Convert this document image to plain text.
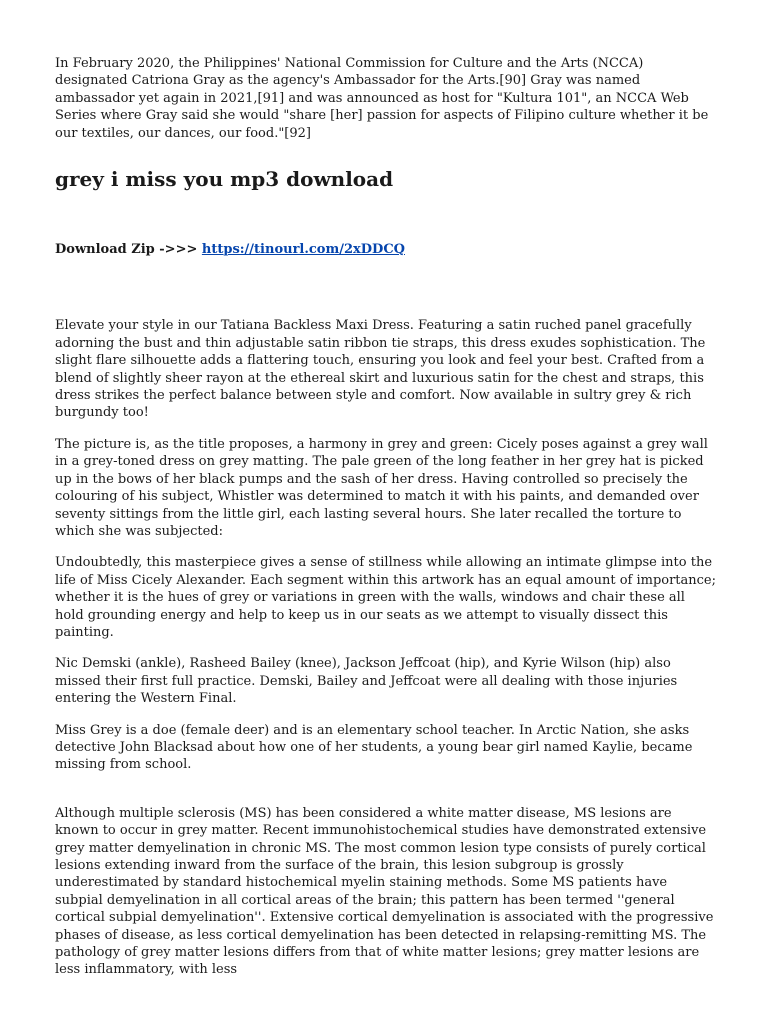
In February 2020, the Philippines' National Commission for Culture and the Arts (NCCA) designated Catriona Gray as the agency's Ambassador for the Arts.[90] Gray was named ambassador yet again in 2021,[91] and was announced as host for "Kultura 101", an NCCA Web Series where Gray said she would "share [her] passion for aspects of Filipino culture whether it be our textiles, our dances, our food."[92]

grey i miss you mp3 download

Download Zip ->>> https://tinourl.com/2xDDCQ

Elevate your style in our Tatiana Backless Maxi Dress. Featuring a satin ruched panel gracefully adorning the bust and thin adjustable satin ribbon tie straps, this dress exudes sophistication. The slight flare silhouette adds a flattering touch, ensuring you look and feel your best. Crafted from a blend of slightly sheer rayon at the ethereal skirt and luxurious satin for the chest and straps, this dress strikes the perfect balance between style and comfort. Now available in sultry grey & rich burgundy too!

The picture is, as the title proposes, a harmony in grey and green: Cicely poses against a grey wall in a grey-toned dress on grey matting. The pale green of the long feather in her grey hat is picked up in the bows of her black pumps and the sash of her dress. Having controlled so precisely the colouring of his subject, Whistler was determined to match it with his paints, and demanded over seventy sittings from the little girl, each lasting several hours. She later recalled the torture to which she was subjected:

Undoubtedly, this masterpiece gives a sense of stillness while allowing an intimate glimpse into the life of Miss Cicely Alexander. Each segment within this artwork has an equal amount of importance; whether it is the hues of grey or variations in green with the walls, windows and chair these all hold grounding energy and help to keep us in our seats as we attempt to visually dissect this painting.

Nic Demski (ankle), Rasheed Bailey (knee), Jackson Jeffcoat (hip), and Kyrie Wilson (hip) also missed their first full practice. Demski, Bailey and Jeffcoat were all dealing with those injuries entering the Western Final.

Miss Grey is a doe (female deer) and is an elementary school teacher. In Arctic Nation, she asks detective John Blacksad about how one of her students, a young bear girl named Kaylie, became missing from school.

Although multiple sclerosis (MS) has been considered a white matter disease, MS lesions are known to occur in grey matter. Recent immunohistochemical studies have demonstrated extensive grey matter demyelination in chronic MS. The most common lesion type consists of purely cortical lesions extending inward from the surface of the brain, this lesion subgroup is grossly underestimated by standard histochemical myelin staining methods. Some MS patients have subpial demyelination in all cortical areas of the brain; this pattern has been termed ''general cortical subpial demyelination''. Extensive cortical demyelination is associated with the progressive phases of disease, as less cortical demyelination has been detected in relapsing-remitting MS. The pathology of grey matter lesions differs from that of white matter lesions; grey matter lesions are less inflammatory, with less
